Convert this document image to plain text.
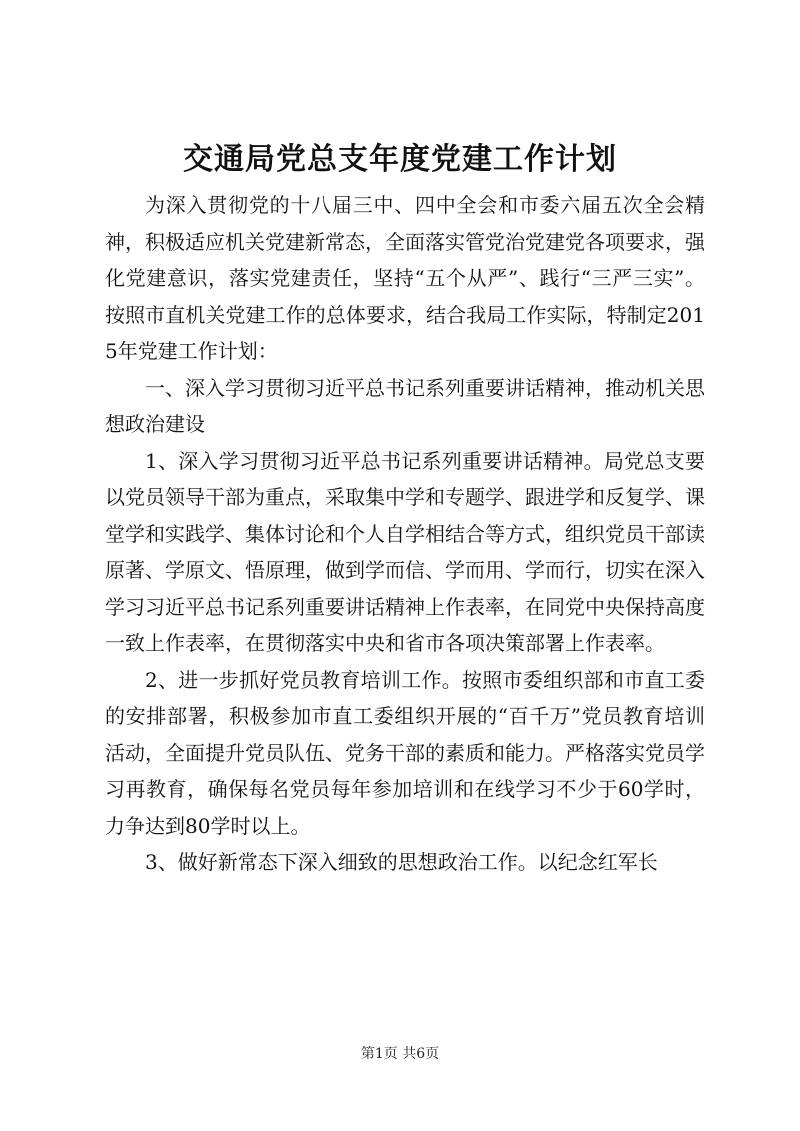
交通局党总支年度党建工作计划

为深入贯彻党的十八届三中、四中全会和市委六届五次全会精神，积极适应机关党建新常态，全面落实管党治党建党各项要求，强化党建意识，落实党建责任，坚持“五个从严”、践行“三严三实”。按照市直机关党建工作的总体要求，结合我局工作实际，特制定2015年党建工作计划：

一、深入学习贯彻习近平总书记系列重要讲话精神，推动机关思想政治建设

1、深入学习贯彻习近平总书记系列重要讲话精神。局党总支要以党员领导干部为重点，采取集中学和专题学、跟进学和反复学、课堂学和实践学、集体讨论和个人自学相结合等方式，组织党员干部读原著、学原文、悟原理，做到学而信、学而用、学而行，切实在深入学习习近平总书记系列重要讲话精神上作表率，在同党中央保持高度一致上作表率，在贯彻落实中央和省市各项决策部署上作表率。

2、进一步抓好党员教育培训工作。按照市委组织部和市直工委的安排部署，积极参加市直工委组织开展的“百千万”党员教育培训活动，全面提升党员队伍、党务干部的素质和能力。严格落实党员学习再教育，确保每名党员每年参加培训和在线学习不少于60学时，力争达到80学时以上。

3、做好新常态下深入细致的思想政治工作。以纪念红军长

第1页 共6页
